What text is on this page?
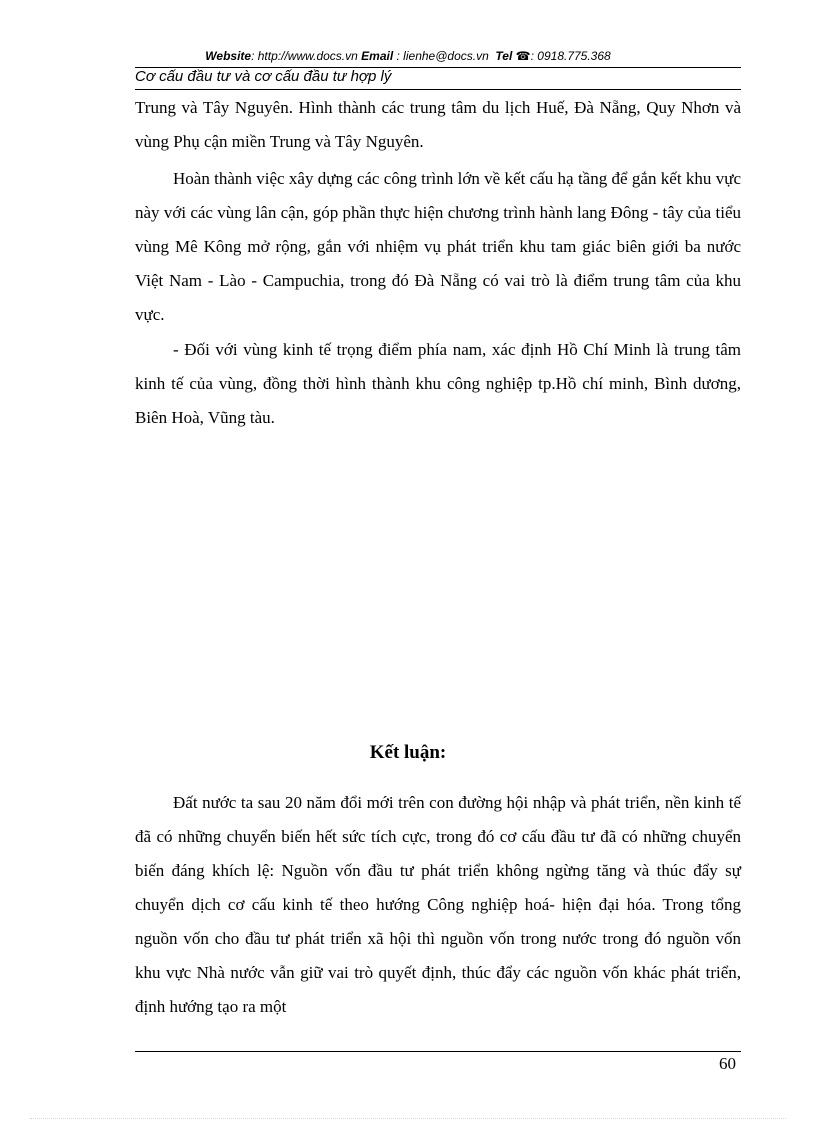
Website: http://www.docs.vn Email : lienhe@docs.vn Tel ☎: 0918.775.368
Cơ cấu đầu tư và cơ cấu đầu tư hợp lý

Trung và Tây Nguyên. Hình thành các trung tâm du lịch Huế, Đà Nẵng, Quy Nhơn và vùng Phụ cận miền Trung và Tây Nguyên.

Hoàn thành việc xây dựng các công trình lớn về kết cấu hạ tầng để gắn kết khu vực này với các vùng lân cận, góp phần thực hiện chương trình hành lang Đông - tây của tiểu vùng Mê Kông mở rộng, gắn với nhiệm vụ phát triển khu tam giác biên giới ba nước Việt Nam - Lào - Campuchia, trong đó Đà Nẵng có vai trò là điểm trung tâm của khu vực.

- Đối với vùng kinh tế trọng điểm phía nam, xác định Hồ Chí Minh là trung tâm kinh tế của vùng, đồng thời hình thành khu công nghiệp tp.Hồ chí minh, Bình dương, Biên Hoà, Vũng tàu.

Kết luận:

Đất nước ta sau 20 năm đổi mới trên con đường hội nhập và phát triển, nền kinh tế đã có những chuyển biến hết sức tích cực, trong đó cơ cấu đầu tư đã có những chuyển biến đáng khích lệ: Nguồn vốn đầu tư phát triển không ngừng tăng và thúc đẩy sự chuyển dịch cơ cấu kinh tế theo hướng Công nghiệp hoá- hiện đại hóa. Trong tổng nguồn vốn cho đầu tư phát triển xã hội thì nguồn vốn trong nước trong đó nguồn vốn khu vực Nhà nước vẫn giữ vai trò quyết định, thúc đẩy các nguồn vốn khác phát triển, định hướng tạo ra một

60
